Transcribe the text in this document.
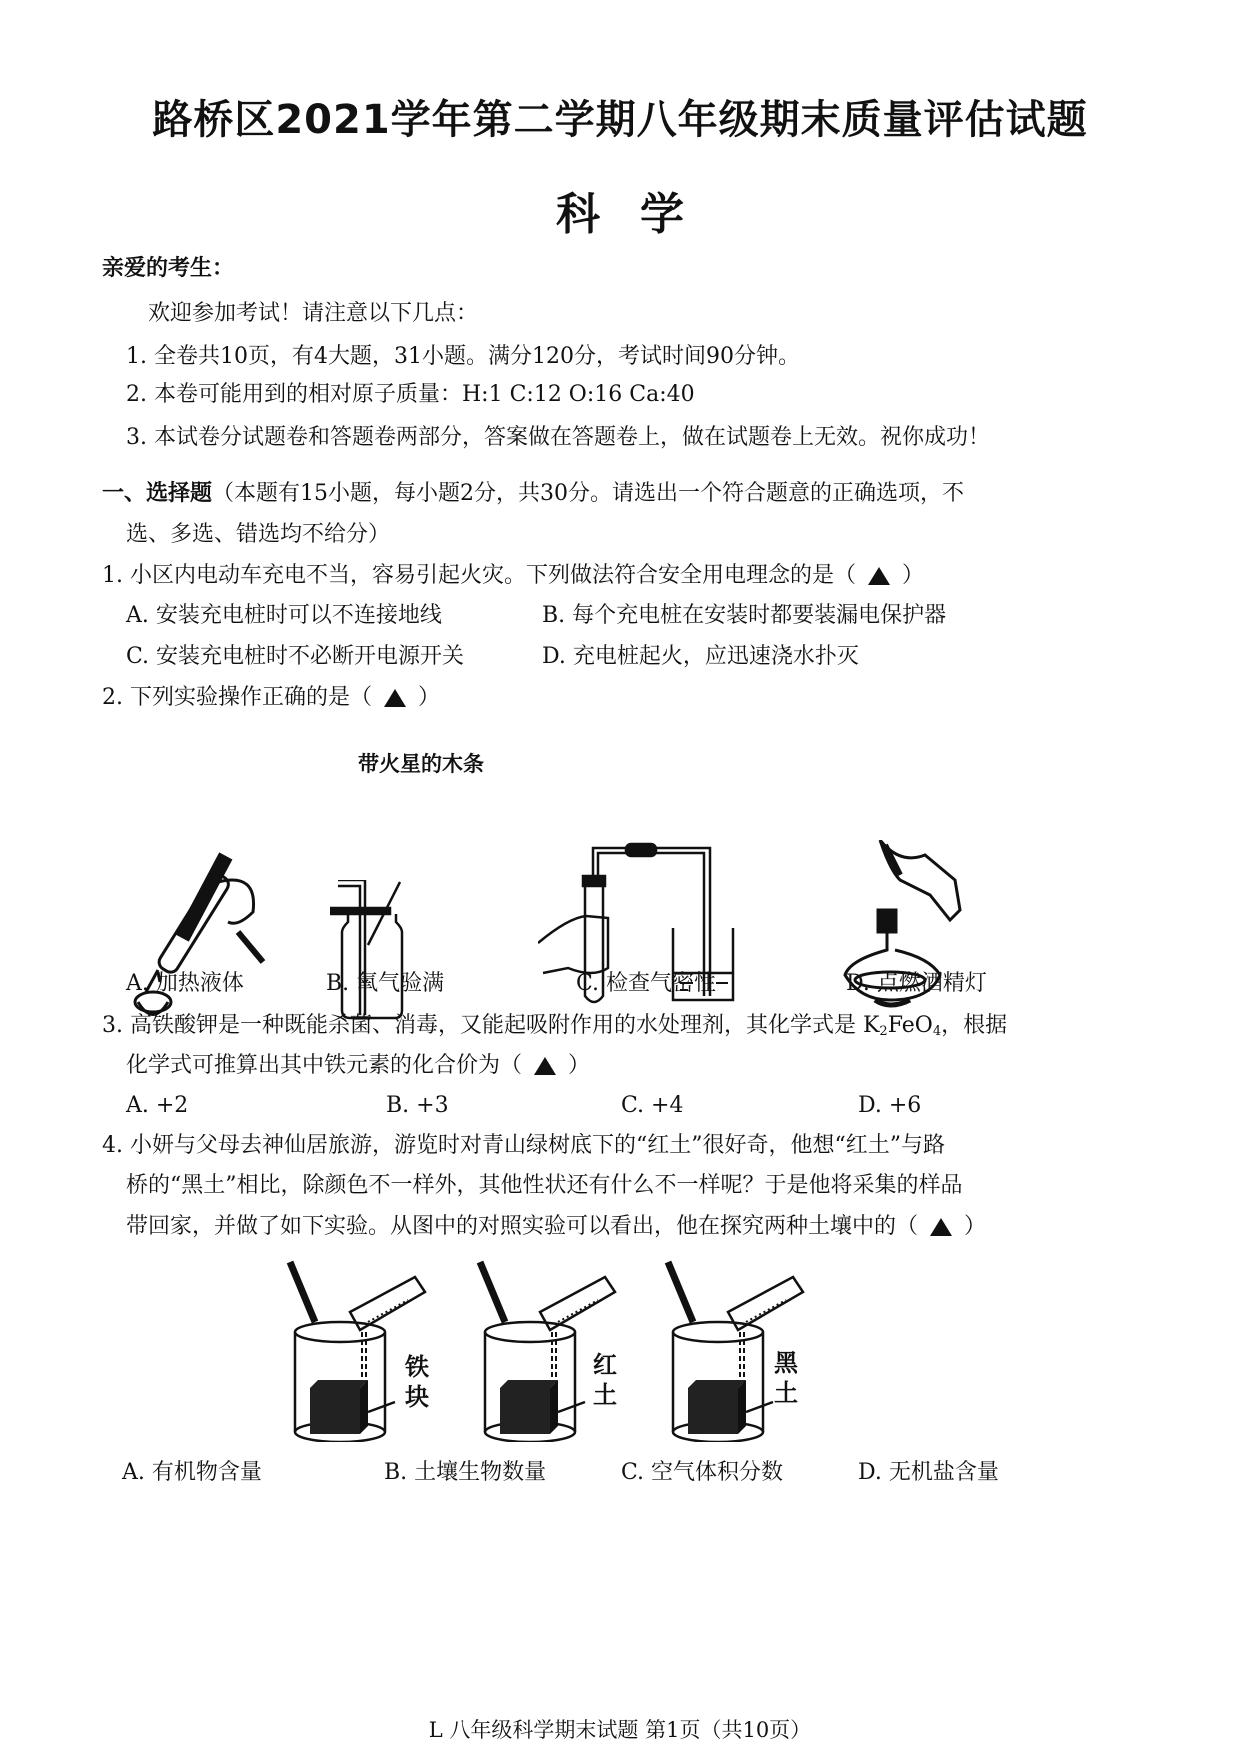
路桥区2021学年第二学期八年级期末质量评估试题
科学
亲爱的考生：
欢迎参加考试！请注意以下几点：
1. 全卷共10页，有4大题，31小题。满分120分，考试时间90分钟。
2. 本卷可能用到的相对原子质量：H:1 C:12 O:16 Ca:40
3. 本试卷分试题卷和答题卷两部分，答案做在答题卷上，做在试题卷上无效。祝你成功！
一、选择题（本题有15小题，每小题2分，共30分。请选出一个符合题意的正确选项，不
选、多选、错选均不给分）
1. 小区内电动车充电不当，容易引起火灾。下列做法符合安全用电理念的是（ ）
A. 安装充电桩时可以不连接地线	B. 每个充电桩在安装时都要装漏电保护器
C. 安装充电桩时不必断开电源开关	D. 充电桩起火，应迅速浇水扑灭
2. 下列实验操作正确的是（ ）
带火星的木条
A. 加热液体	B. 氧气验满	C. 检查气密性	D. 点燃酒精灯
3. 高铁酸钾是一种既能杀菌、消毒，又能起吸附作用的水处理剂，其化学式是 $K_2FeO_4$，根据
化学式可推算出其中铁元素的化合价为（ ）
A. +2	B. +3	C. +4	D. +6
4. 小妍与父母去神仙居旅游，游览时对青山绿树底下的“红土”很好奇，他想“红土”与路
桥的“黑土”相比，除颜色不一样外，其他性状还有什么不一样呢？于是他将采集的样品
带回家，并做了如下实验。从图中的对照实验可以看出，他在探究两种土壤中的（ ）
铁块
红土
黑土
A. 有机物含量	B. 土壤生物数量	C. 空气体积分数	D. 无机盐含量
L 八年级科学期末试题 第1页（共10页）
